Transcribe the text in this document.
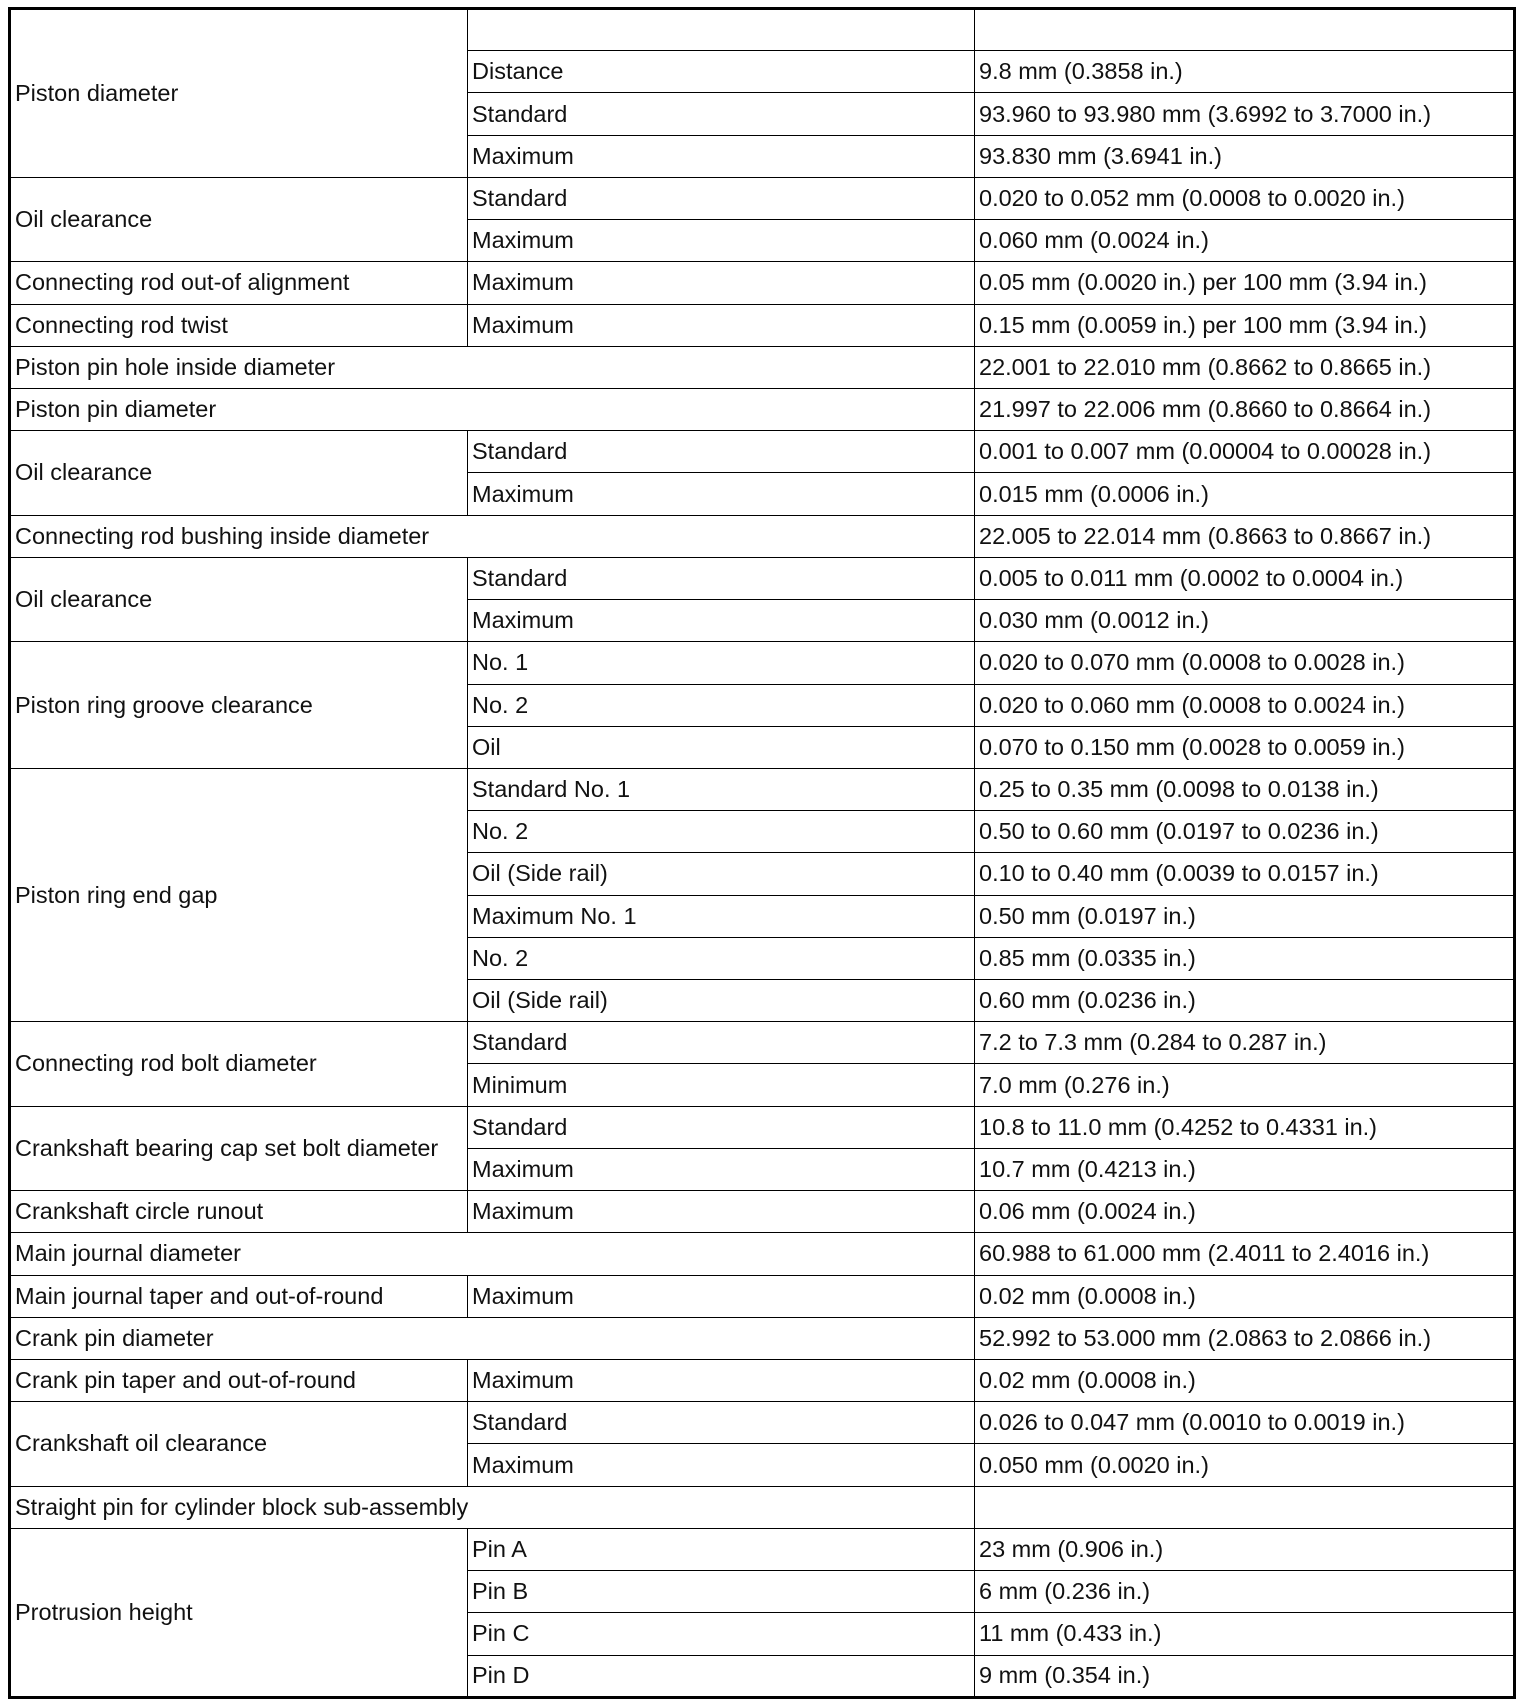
Piston diameter		
	Distance	9.8 mm (0.3858 in.)
	Standard	93.960 to 93.980 mm (3.6992 to 3.7000 in.)
	Maximum	93.830 mm (3.6941 in.)
Oil clearance	Standard	0.020 to 0.052 mm (0.0008 to 0.0020 in.)
	Maximum	0.060 mm (0.0024 in.)
Connecting rod out-of alignment	Maximum	0.05 mm (0.0020 in.) per 100 mm (3.94 in.)
Connecting rod twist	Maximum	0.15 mm (0.0059 in.) per 100 mm (3.94 in.)
Piston pin hole inside diameter		22.001 to 22.010 mm (0.8662 to 0.8665 in.)
Piston pin diameter		21.997 to 22.006 mm (0.8660 to 0.8664 in.)
Oil clearance	Standard	0.001 to 0.007 mm (0.00004 to 0.00028 in.)
	Maximum	0.015 mm (0.0006 in.)
Connecting rod bushing inside diameter		22.005 to 22.014 mm (0.8663 to 0.8667 in.)
Oil clearance	Standard	0.005 to 0.011 mm (0.0002 to 0.0004 in.)
	Maximum	0.030 mm (0.0012 in.)
Piston ring groove clearance	No. 1	0.020 to 0.070 mm (0.0008 to 0.0028 in.)
	No. 2	0.020 to 0.060 mm (0.0008 to 0.0024 in.)
	Oil	0.070 to 0.150 mm (0.0028 to 0.0059 in.)
Piston ring end gap	Standard No. 1	0.25 to 0.35 mm (0.0098 to 0.0138 in.)
	No. 2	0.50 to 0.60 mm (0.0197 to 0.0236 in.)
	Oil (Side rail)	0.10 to 0.40 mm (0.0039 to 0.0157 in.)
	Maximum No. 1	0.50 mm (0.0197 in.)
	No. 2	0.85 mm (0.0335 in.)
	Oil (Side rail)	0.60 mm (0.0236 in.)
Connecting rod bolt diameter	Standard	7.2 to 7.3 mm (0.284 to 0.287 in.)
	Minimum	7.0 mm (0.276 in.)
Crankshaft bearing cap set bolt diameter	Standard	10.8 to 11.0 mm (0.4252 to 0.4331 in.)
	Maximum	10.7 mm (0.4213 in.)
Crankshaft circle runout	Maximum	0.06 mm (0.0024 in.)
Main journal diameter		60.988 to 61.000 mm (2.4011 to 2.4016 in.)
Main journal taper and out-of-round	Maximum	0.02 mm (0.0008 in.)
Crank pin diameter		52.992 to 53.000 mm (2.0863 to 2.0866 in.)
Crank pin taper and out-of-round	Maximum	0.02 mm (0.0008 in.)
Crankshaft oil clearance	Standard	0.026 to 0.047 mm (0.0010 to 0.0019 in.)
	Maximum	0.050 mm (0.0020 in.)
Straight pin for cylinder block sub-assembly		
Protrusion height	Pin A	23 mm (0.906 in.)
	Pin B	6 mm (0.236 in.)
	Pin C	11 mm (0.433 in.)
	Pin D	9 mm (0.354 in.)
